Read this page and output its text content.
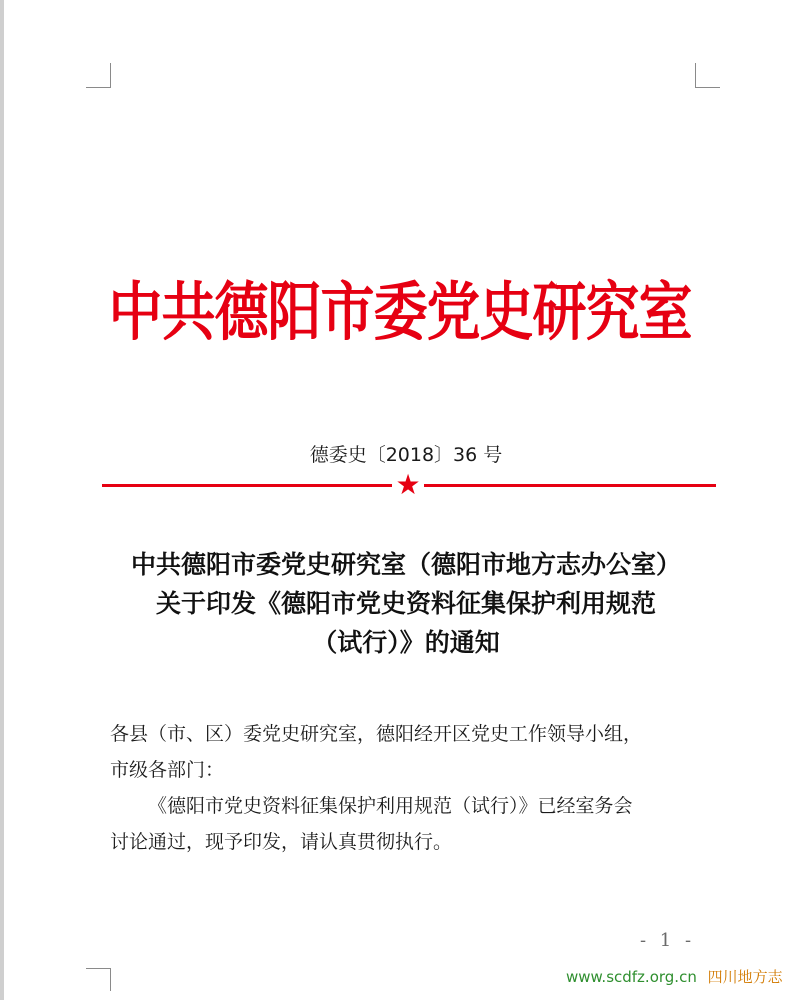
中共德阳市委党史研究室
德委史〔2018〕36 号
★
中共德阳市委党史研究室（德阳市地方志办公室）
关于印发《德阳市党史资料征集保护利用规范
（试行）》的通知
各县（市、区）委党史研究室，德阳经开区党史工作领导小组，
市级各部门：
《德阳市党史资料征集保护利用规范（试行）》已经室务会
讨论通过，现予印发，请认真贯彻执行。
- 1 -
www.scdfz.org.cn 四川地方志
